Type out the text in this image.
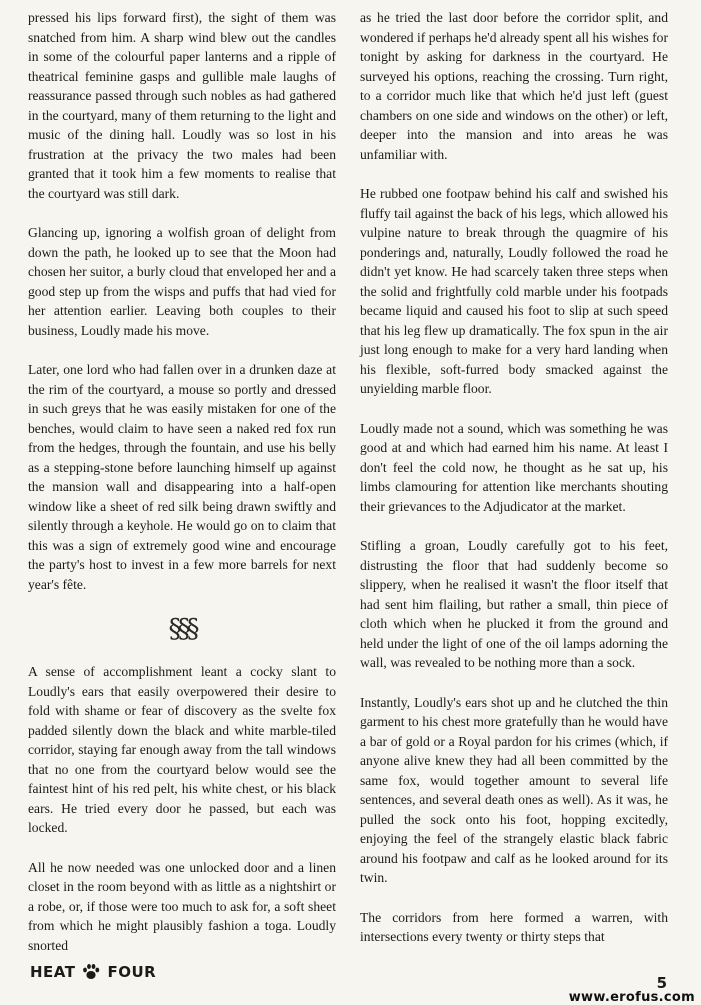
pressed his lips forward first), the sight of them was snatched from him. A sharp wind blew out the candles in some of the colourful paper lanterns and a ripple of theatrical feminine gasps and gullible male laughs of reassurance passed through such nobles as had gathered in the courtyard, many of them returning to the light and music of the dining hall. Loudly was so lost in his frustration at the privacy the two males had been granted that it took him a few moments to realise that the courtyard was still dark.

Glancing up, ignoring a wolfish groan of delight from down the path, he looked up to see that the Moon had chosen her suitor, a burly cloud that enveloped her and a good step up from the wisps and puffs that had vied for her attention earlier. Leaving both couples to their business, Loudly made his move.

Later, one lord who had fallen over in a drunken daze at the rim of the courtyard, a mouse so portly and dressed in such greys that he was easily mistaken for one of the benches, would claim to have seen a naked red fox run from the hedges, through the fountain, and use his belly as a stepping-stone before launching himself up against the mansion wall and disappearing into a half-open window like a sheet of red silk being drawn swiftly and silently through a keyhole. He would go on to claim that this was a sign of extremely good wine and encourage the party's host to invest in a few more barrels for next year's fête.

§§§

A sense of accomplishment leant a cocky slant to Loudly's ears that easily overpowered their desire to fold with shame or fear of discovery as the svelte fox padded silently down the black and white marble-tiled corridor, staying far enough away from the tall windows that no one from the courtyard below would see the faintest hint of his red pelt, his white chest, or his black ears. He tried every door he passed, but each was locked.

All he now needed was one unlocked door and a linen closet in the room beyond with as little as a nightshirt or a robe, or, if those were too much to ask for, a soft sheet from which he might plausibly fashion a toga. Loudly snorted

as he tried the last door before the corridor split, and wondered if perhaps he'd already spent all his wishes for tonight by asking for darkness in the courtyard. He surveyed his options, reaching the crossing. Turn right, to a corridor much like that which he'd just left (guest chambers on one side and windows on the other) or left, deeper into the mansion and into areas he was unfamiliar with.

He rubbed one footpaw behind his calf and swished his fluffy tail against the back of his legs, which allowed his vulpine nature to break through the quagmire of his ponderings and, naturally, Loudly followed the road he didn't yet know. He had scarcely taken three steps when the solid and frightfully cold marble under his footpads became liquid and caused his foot to slip at such speed that his leg flew up dramatically. The fox spun in the air just long enough to make for a very hard landing when his flexible, soft-furred body smacked against the unyielding marble floor.

Loudly made not a sound, which was something he was good at and which had earned him his name. At least I don't feel the cold now, he thought as he sat up, his limbs clamouring for attention like merchants shouting their grievances to the Adjudicator at the market.

Stifling a groan, Loudly carefully got to his feet, distrusting the floor that had suddenly become so slippery, when he realised it wasn't the floor itself that had sent him flailing, but rather a small, thin piece of cloth which when he plucked it from the ground and held under the light of one of the oil lamps adorning the wall, was revealed to be nothing more than a sock.

Instantly, Loudly's ears shot up and he clutched the thin garment to his chest more gratefully than he would have a bar of gold or a Royal pardon for his crimes (which, if anyone alive knew they had all been committed by the same fox, would together amount to several life sentences, and several death ones as well). As it was, he pulled the sock onto his foot, hopping excitedly, enjoying the feel of the strangely elastic black fabric around his footpaw and calf as he looked around for its twin.

The corridors from here formed a warren, with intersections every twenty or thirty steps that

HEAT FOUR
5
www.erofus.com
